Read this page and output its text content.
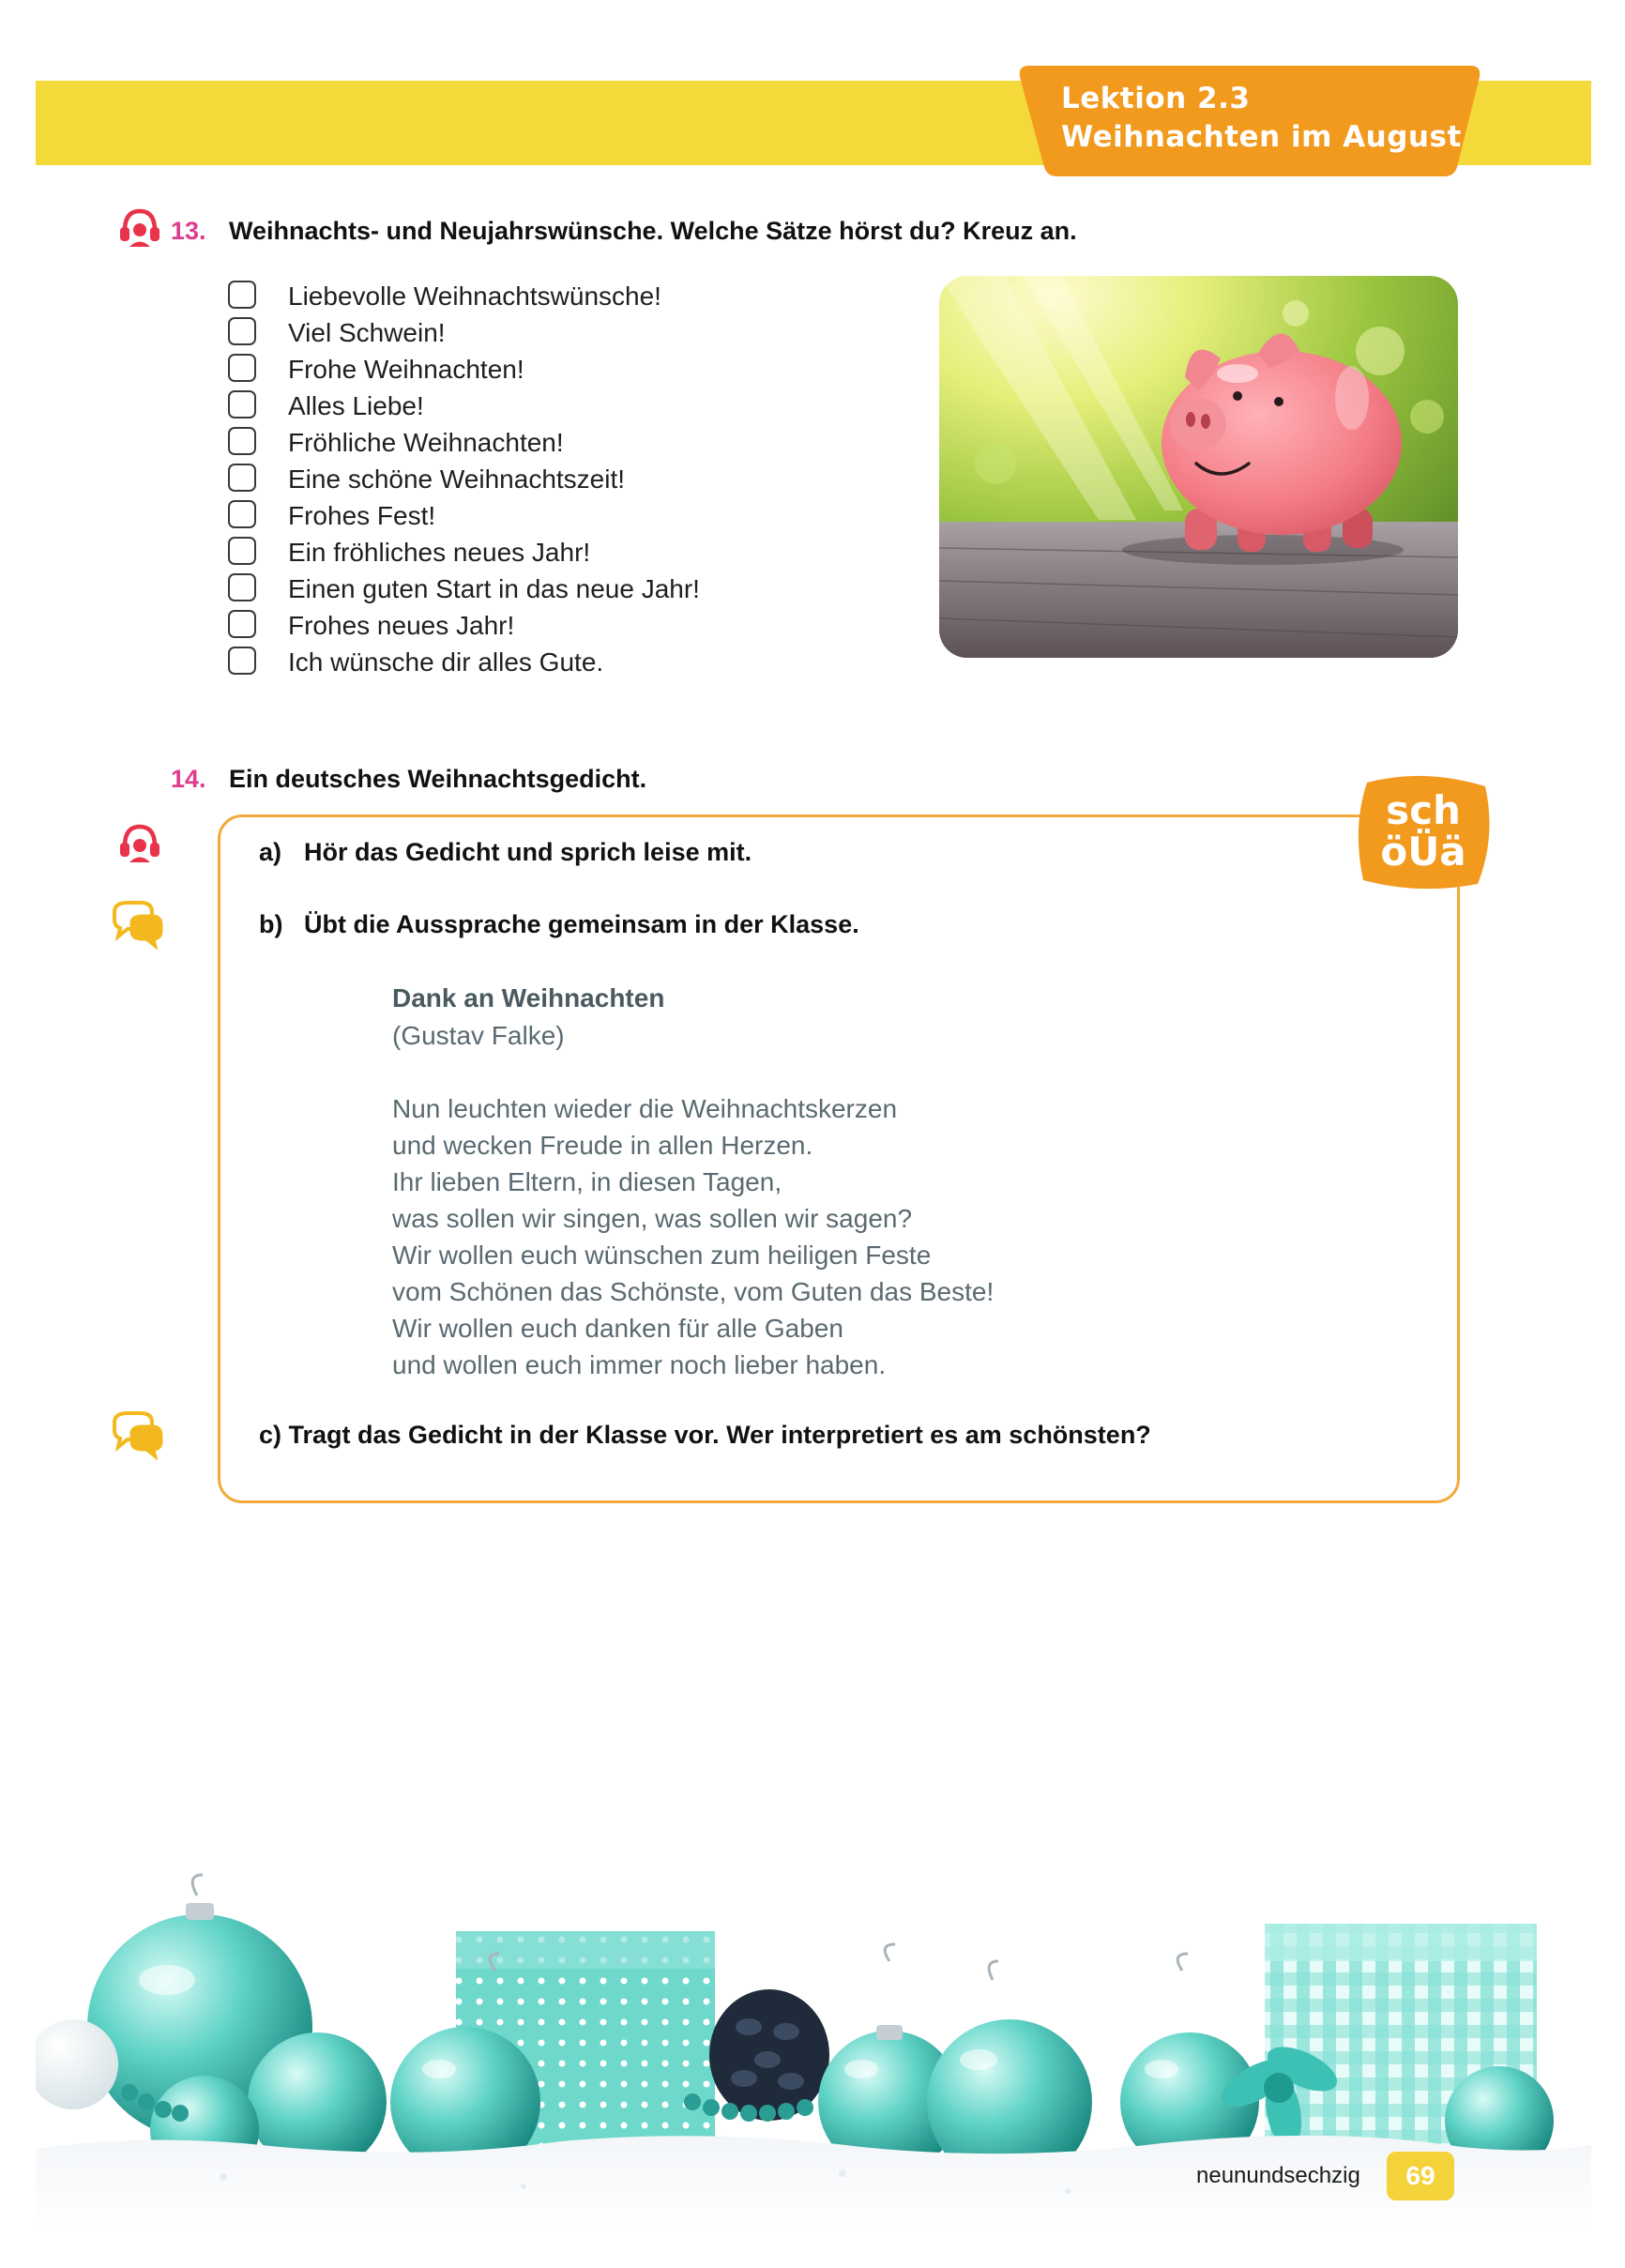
Lektion 2.3
Weihnachten im August
13. Weihnachts- und Neujahrswünsche. Welche Sätze hörst du? Kreuz an.
Liebevolle Weihnachtswünsche!
Viel Schwein!
Frohe Weihnachten!
Alles Liebe!
Fröhliche Weihnachten!
Eine schöne Weihnachtszeit!
Frohes Fest!
Ein fröhliches neues Jahr!
Einen guten Start in das neue Jahr!
Frohes neues Jahr!
Ich wünsche dir alles Gute.
14. Ein deutsches Weihnachtsgedicht.
sch
öÜä
a) Hör das Gedicht und sprich leise mit.
b) Übt die Aussprache gemeinsam in der Klasse.
Dank an Weihnachten
(Gustav Falke)
Nun leuchten wieder die Weihnachtskerzen
und wecken Freude in allen Herzen.
Ihr lieben Eltern, in diesen Tagen,
was sollen wir singen, was sollen wir sagen?
Wir wollen euch wünschen zum heiligen Feste
vom Schönen das Schönste, vom Guten das Beste!
Wir wollen euch danken für alle Gaben
und wollen euch immer noch lieber haben.
c) Tragt das Gedicht in der Klasse vor. Wer interpretiert es am schönsten?
neunundsechzig 69
